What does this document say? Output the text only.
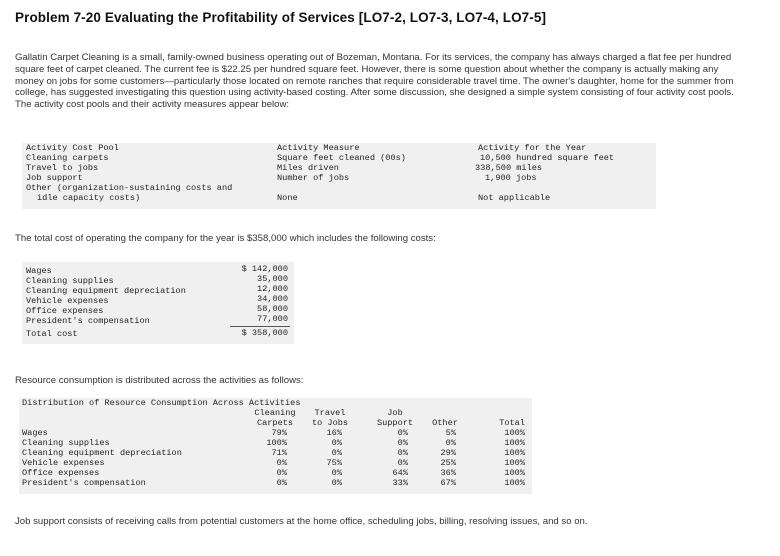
Problem 7-20 Evaluating the Profitability of Services [LO7-2, LO7-3, LO7-4, LO7-5]

Gallatin Carpet Cleaning is a small, family-owned business operating out of Bozeman, Montana. For its services, the company has always charged a flat fee per hundred square feet of carpet cleaned. The current fee is $22.25 per hundred square feet. However, there is some question about whether the company is actually making any money on jobs for some customers—particularly those located on remote ranches that require considerable travel time. The owner's daughter, home for the summer from college, has suggested investigating this question using activity-based costing. After some discussion, she designed a simple system consisting of four activity cost pools. The activity cost pools and their activity measures appear below:

Activity Cost Pool	Activity Measure	Activity for the Year
Cleaning carpets	Square feet cleaned (00s)	10,500 hundred square feet
Travel to jobs	Miles driven	338,500 miles
Job support	Number of jobs	1,900 jobs
Other (organization-sustaining costs and
idle capacity costs)	None	Not applicable

The total cost of operating the company for the year is $358,000 which includes the following costs:

Wages	$ 142,000
Cleaning supplies	35,000
Cleaning equipment depreciation	12,000
Vehicle expenses	34,000
Office expenses	58,000
President's compensation	77,000
Total cost	$ 358,000

Resource consumption is distributed across the activities as follows:

Distribution of Resource Consumption Across Activities
Cleaning	Travel	Job
Carpets	to Jobs	Support	Other	Total
Wages	79%	16%	0%	5%	100%
Cleaning supplies	100%	0%	0%	0%	100%
Cleaning equipment depreciation	71%	0%	0%	29%	100%
Vehicle expenses	0%	75%	0%	25%	100%
Office expenses	0%	0%	64%	36%	100%
President's compensation	0%	0%	33%	67%	100%

Job support consists of receiving calls from potential customers at the home office, scheduling jobs, billing, resolving issues, and so on.
